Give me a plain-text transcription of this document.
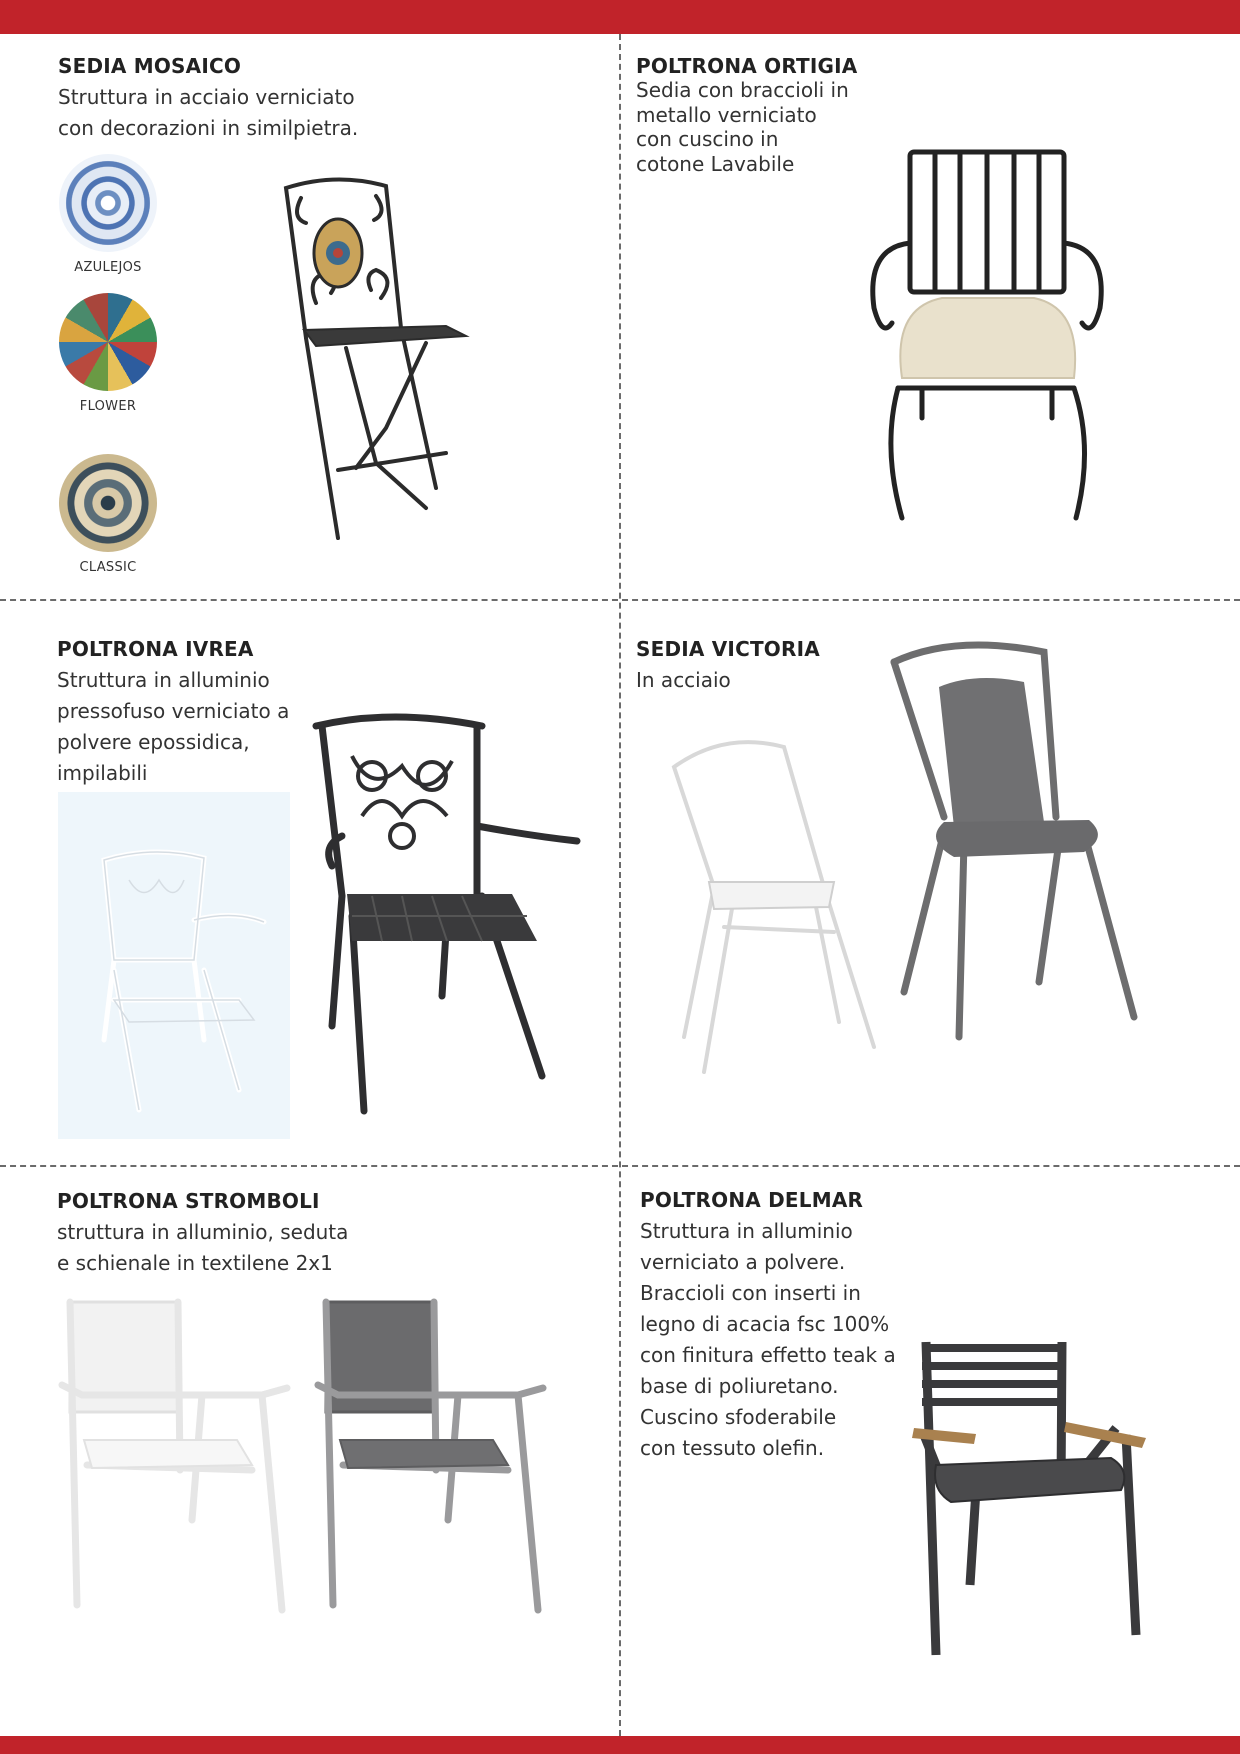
SEDIA MOSAICO

Struttura in acciaio verniciato
con decorazioni in similpietra.

AZULEJOS
FLOWER
CLASSIC
POLTRONA ORTIGIA

Sedia con braccioli in
metallo verniciato
con cuscino in
cotone Lavabile

POLTRONA IVREA

Struttura in alluminio
pressofuso verniciato a
polvere epossidica,
impilabili

SEDIA VICTORIA

In acciaio

POLTRONA STROMBOLI

struttura in alluminio, seduta
e schienale in textilene 2x1

POLTRONA DELMAR

Struttura in alluminio
verniciato a polvere.
Braccioli con inserti in
legno di acacia fsc 100%
con finitura effetto teak a
base di poliuretano.
Cuscino sfoderabile
con tessuto olefin.
